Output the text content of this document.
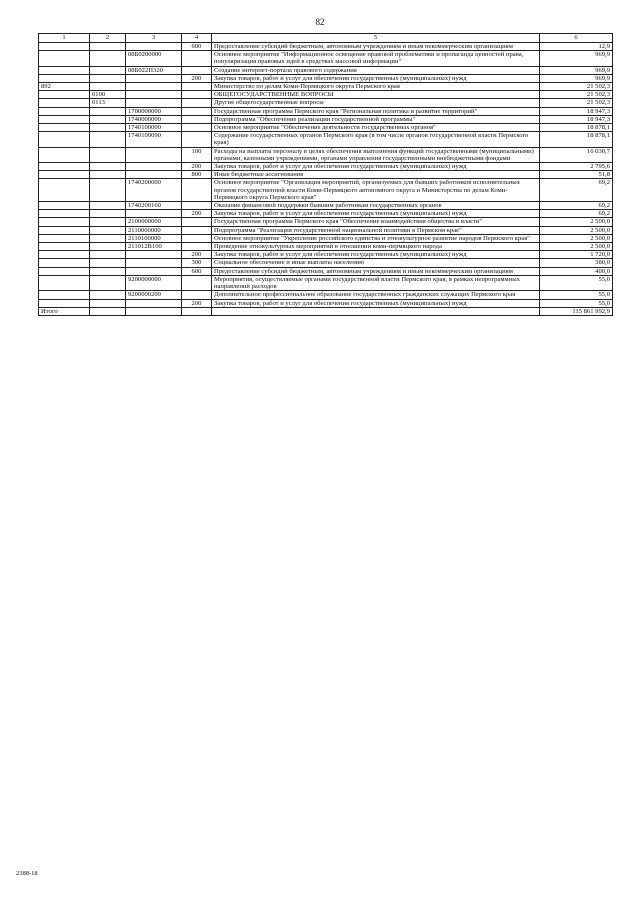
82
1	2	3	4	5	6
			600	Предоставление субсидий бюджетным, автономным учреждениям и иным некоммерческим организациям	12,9
		08Б0200000		Основное мероприятие "Информационное освещение правовой проблематики и пропаганда ценностей права, популяризация правовых идей в средствах массовой информации"	969,9
		08Б022П320		Создание интернет-портала правового содержания	969,9
			200	Закупка товаров, работ и услуг для обеспечения государственных (муниципальных) нужд	969,9
892				Министерство по делам Коми-Пермяцкого округа Пермского края	21 502,3
	0100			ОБЩЕГОСУДАРСТВЕННЫЕ ВОПРОСЫ	21 502,3
	0113			Другие общегосударственные вопросы	21 502,3
		1700000000		Государственная программа Пермского края "Региональная политика и развитие территорий"	18 947,3
		1740000000		Подпрограмма "Обеспечение реализации государственной программы"	18 947,3
		1740100000		Основное мероприятие "Обеспечение деятельности государственных органов"	18 878,1
		1740100090		Содержание государственных органов Пермского края (в том числе органов государственной власти Пермского края)	18 878,1
			100	Расходы на выплаты персоналу в целях обеспечения выполнения функций государственными (муниципальными) органами, казенными учреждениями, органами управления государственными внебюджетными фондами	16 030,7
			200	Закупка товаров, работ и услуг для обеспечения государственных (муниципальных) нужд	2 795,6
			800	Иные бюджетные ассигнования	51,8
		1740200000		Основное мероприятие "Организация мероприятий, организуемых для бывших работников исполнительных органов государственной власти Коми-Пермяцкого автономного округа и Министерства по делам Коми-Пермяцкого округа Пермского края"	69,2
		1740200160		Оказание финансовой поддержки бывшим работникам государственных органов	69,2
			200	Закупка товаров, работ и услуг для обеспечения государственных (муниципальных) нужд	69,2
		2100000000		Государственная программа Пермского края "Обеспечение взаимодействия общества и власти"	2 500,0
		2110000000		Подпрограмма "Реализация государственной национальной политики в Пермском крае"	2 500,0
		2110100000		Основное мероприятие "Укрепление российского единства и этнокультурное развитие народов Пермского края"	2 500,0
		211012В100		Проведение этнокультурных мероприятий в отношении коми-пермяцкого народа	2 500,0
			200	Закупка товаров, работ и услуг для обеспечения государственных (муниципальных) нужд	1 720,0
			300	Социальное обеспечение и иные выплаты населению	380,0
			600	Предоставление субсидий бюджетным, автономным учреждениям и иным некоммерческим организациям	400,0
		9200000000		Мероприятия, осуществляемые органами государственной власти Пермского края, в рамках непрограммных направлений расходов	55,0
		9200000200		Дополнительное профессиональное образование государственных гражданских служащих Пермского края	55,0
			200	Закупка товаров, работ и услуг для обеспечения государственных (муниципальных) нужд	55,0
Итого					115 861 992,9
2388-18
